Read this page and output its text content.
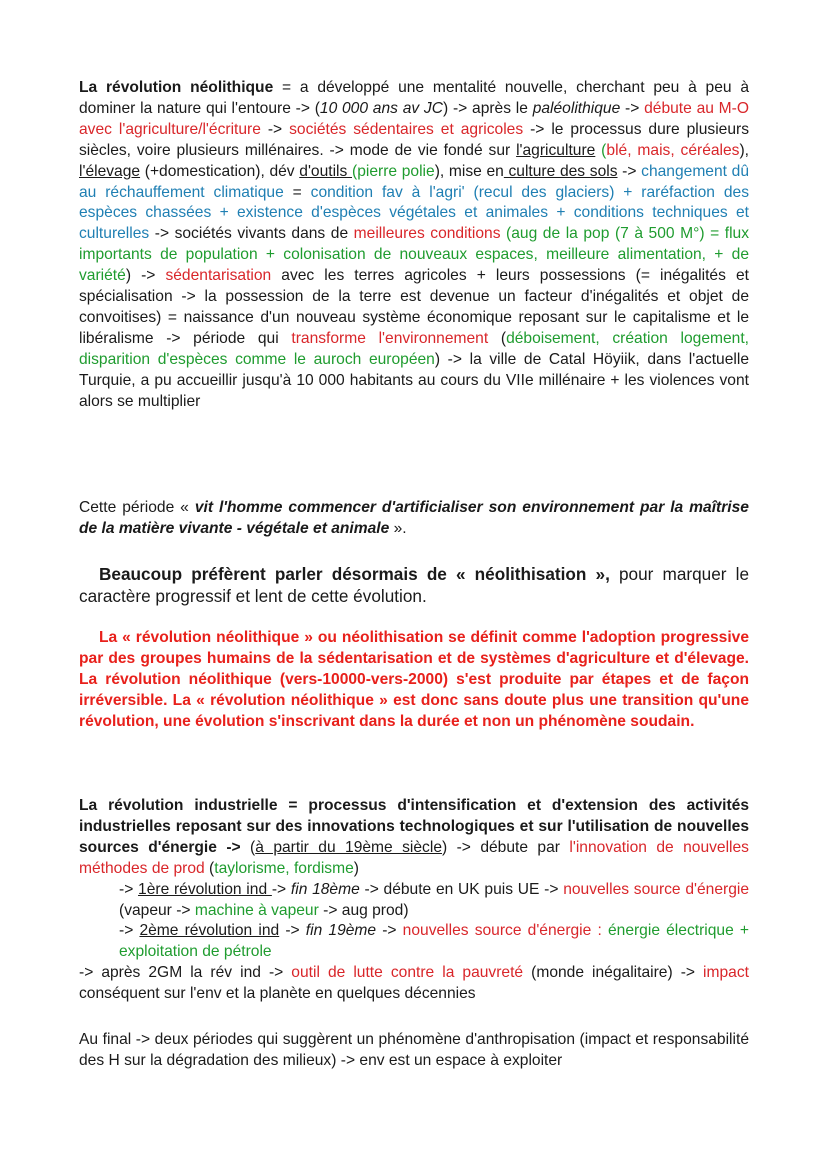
La révolution néolithique = a développé une mentalité nouvelle, cherchant peu à peu à dominer la nature qui l'entoure -> (10 000 ans av JC) -> après le paléolithique -> débute au M-O avec l'agriculture/l'écriture -> sociétés sédentaires et agricoles -> le processus dure plusieurs siècles, voire plusieurs millénaires. -> mode de vie fondé sur l'agriculture (blé, mais, céréales), l'élevage (+domestication), dév d'outils (pierre polie), mise en culture des sols -> changement dû au réchauffement climatique = condition fav à l'agri' (recul des glaciers) + raréfaction des espèces chassées + existence d'espèces végétales et animales + conditions techniques et culturelles -> sociétés vivants dans de meilleures conditions (aug de la pop (7 à 500 M°) = flux importants de population + colonisation de nouveaux espaces, meilleure alimentation, + de variété) -> sédentarisation avec les terres agricoles + leurs possessions (= inégalités et spécialisation -> la possession de la terre est devenue un facteur d'inégalités et objet de convoitises) = naissance d'un nouveau système économique reposant sur le capitalisme et le libéralisme -> période qui transforme l'environnement (déboisement, création logement, disparition d'espèces comme le auroch européen) -> la ville de Catal Höyiik, dans l'actuelle Turquie, a pu accueillir jusqu'à 10 000 habitants au cours du VIIe millénaire + les violences vont alors se multiplier

Cette période « vit l'homme commencer d'artificialiser son environnement par la maîtrise de la matière vivante - végétale et animale ».

Beaucoup préfèrent parler désormais de « néolithisation », pour marquer le caractère progressif et lent de cette évolution.

La « révolution néolithique » ou néolithisation se définit comme l'adoption progressive par des groupes humains de la sédentarisation et de systèmes d'agriculture et d'élevage. La révolution néolithique (vers-10000-vers-2000) s'est produite par étapes et de façon irréversible. La « révolution néolithique » est donc sans doute plus une transition qu'une révolution, une évolution s'inscrivant dans la durée et non un phénomène soudain.

La révolution industrielle = processus d'intensification et d'extension des activités industrielles reposant sur des innovations technologiques et sur l'utilisation de nouvelles sources d'énergie -> (à partir du 19ème siècle) -> débute par l'innovation de nouvelles méthodes de prod (taylorisme, fordisme)

-> 1ère révolution ind -> fin 18ème -> débute en UK puis UE -> nouvelles source d'énergie (vapeur -> machine à vapeur -> aug prod)

-> 2ème révolution ind -> fin 19ème -> nouvelles source d'énergie : énergie électrique + exploitation de pétrole

-> après 2GM la rév ind -> outil de lutte contre la pauvreté (monde inégalitaire) -> impact conséquent sur l'env et la planète en quelques décennies

Au final -> deux périodes qui suggèrent un phénomène d'anthropisation (impact et responsabilité des H sur la dégradation des milieux) -> env est un espace à exploiter
